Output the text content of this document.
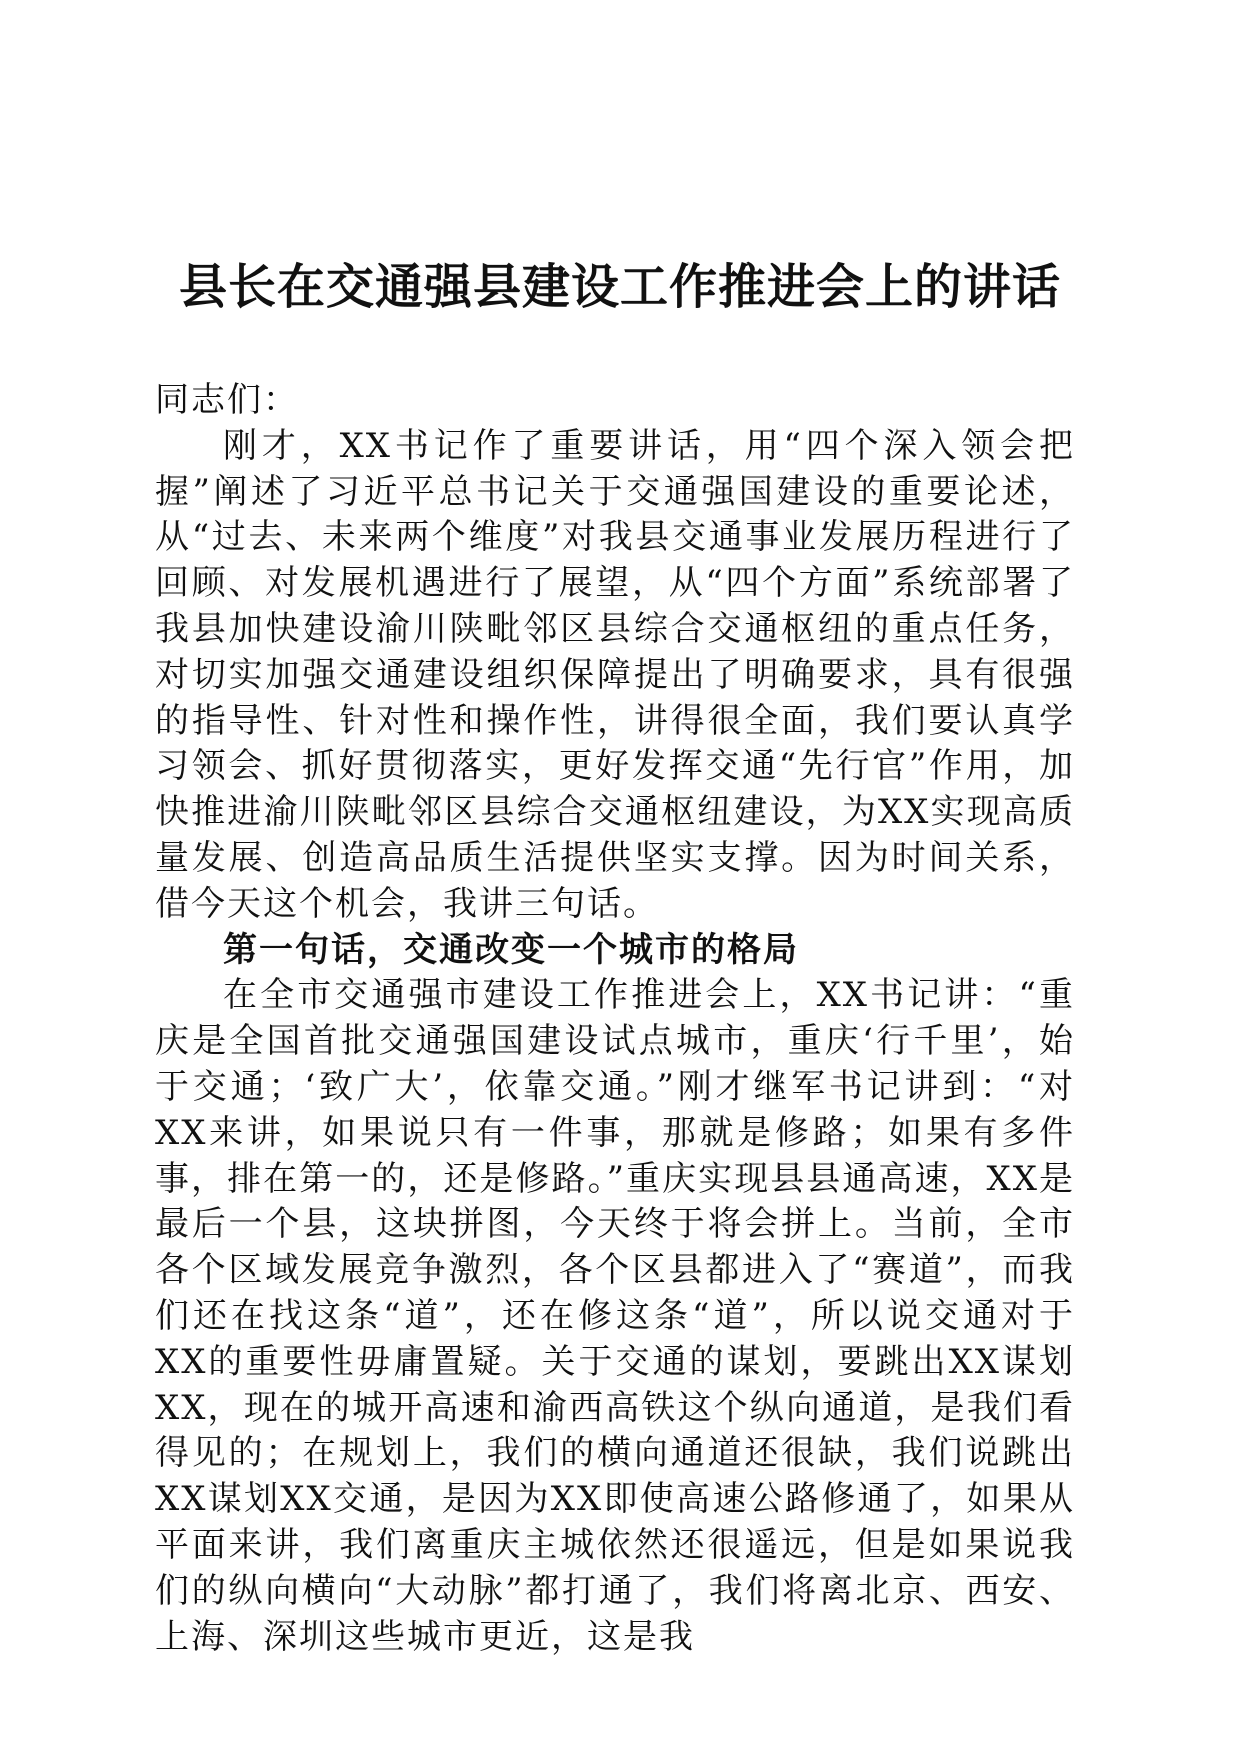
县长在交通强县建设工作推进会上的讲话

同志们：

刚才，XX书记作了重要讲话，用“四个深入领会把握”阐述了习近平总书记关于交通强国建设的重要论述，从“过去、未来两个维度”对我县交通事业发展历程进行了回顾、对发展机遇进行了展望，从“四个方面”系统部署了我县加快建设渝川陕毗邻区县综合交通枢纽的重点任务，对切实加强交通建设组织保障提出了明确要求，具有很强的指导性、针对性和操作性，讲得很全面，我们要认真学习领会、抓好贯彻落实，更好发挥交通“先行官”作用，加快推进渝川陕毗邻区县综合交通枢纽建设，为XX实现高质量发展、创造高品质生活提供坚实支撑。因为时间关系，借今天这个机会，我讲三句话。

第一句话，交通改变一个城市的格局

在全市交通强市建设工作推进会上，XX书记讲：“重庆是全国首批交通强国建设试点城市，重庆‘行千里’，始于交通；‘致广大’，依靠交通。”刚才继军书记讲到：“对XX来讲，如果说只有一件事，那就是修路；如果有多件事，排在第一的，还是修路。”重庆实现县县通高速，XX是最后一个县，这块拼图，今天终于将会拼上。当前，全市各个区域发展竞争激烈，各个区县都进入了“赛道”，而我们还在找这条“道”，还在修这条“道”，所以说交通对于XX的重要性毋庸置疑。关于交通的谋划，要跳出XX谋划XX，现在的城开高速和渝西高铁这个纵向通道，是我们看得见的；在规划上，我们的横向通道还很缺，我们说跳出XX谋划XX交通，是因为XX即使高速公路修通了，如果从平面来讲，我们离重庆主城依然还很遥远，但是如果说我们的纵向横向“大动脉”都打通了，我们将离北京、西安、上海、深圳这些城市更近，这是我
